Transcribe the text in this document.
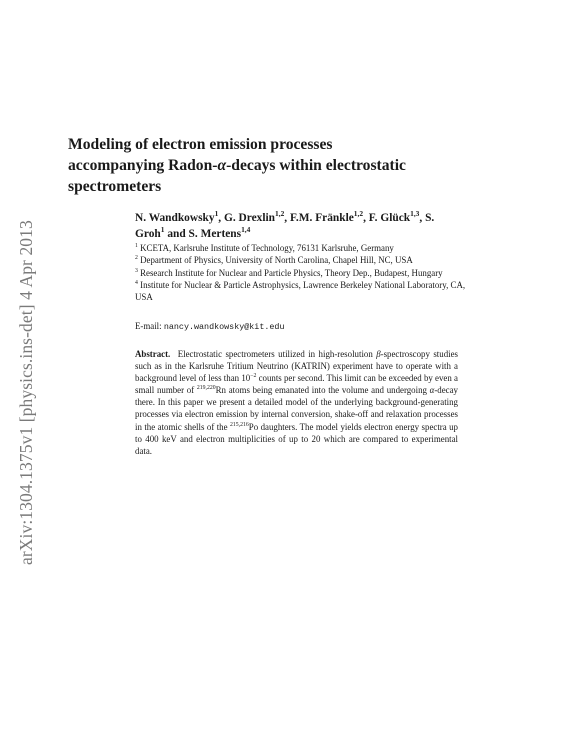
arXiv:1304.1375v1 [physics.ins-det] 4 Apr 2013
Modeling of electron emission processes
accompanying Radon-α-decays within electrostatic
spectrometers
N. Wandkowsky$^1$, G. Drexlin$^{1,2}$, F.M. Fränkle$^{1,2}$, F. Glück$^{1,3}$, S.
Groh$^1$ and S. Mertens$^{1,4}$

$^1$ KCETA, Karlsruhe Institute of Technology, 76131 Karlsruhe, Germany

$^2$ Department of Physics, University of North Carolina, Chapel Hill, NC, USA

$^3$ Research Institute for Nuclear and Particle Physics, Theory Dep., Budapest, Hungary

$^4$ Institute for Nuclear & Particle Astrophysics, Lawrence Berkeley National Laboratory, CA, USA

E-mail: nancy.wandkowsky@kit.edu
Abstract. Electrostatic spectrometers utilized in high-resolution β-spectroscopy studies such as in the Karlsruhe Tritium Neutrino (KATRIN) experiment have to operate with a background level of less than $10^{-2}$ counts per second. This limit can be exceeded by even a small number of $^{219,220}$Rn atoms being emanated into the volume and undergoing α-decay there. In this paper we present a detailed model of the underlying background-generating processes via electron emission by internal conversion, shake-off and relaxation processes in the atomic shells of the $^{215,216}$Po daughters. The model yields electron energy spectra up to 400 keV and electron multiplicities of up to 20 which are compared to experimental data.
